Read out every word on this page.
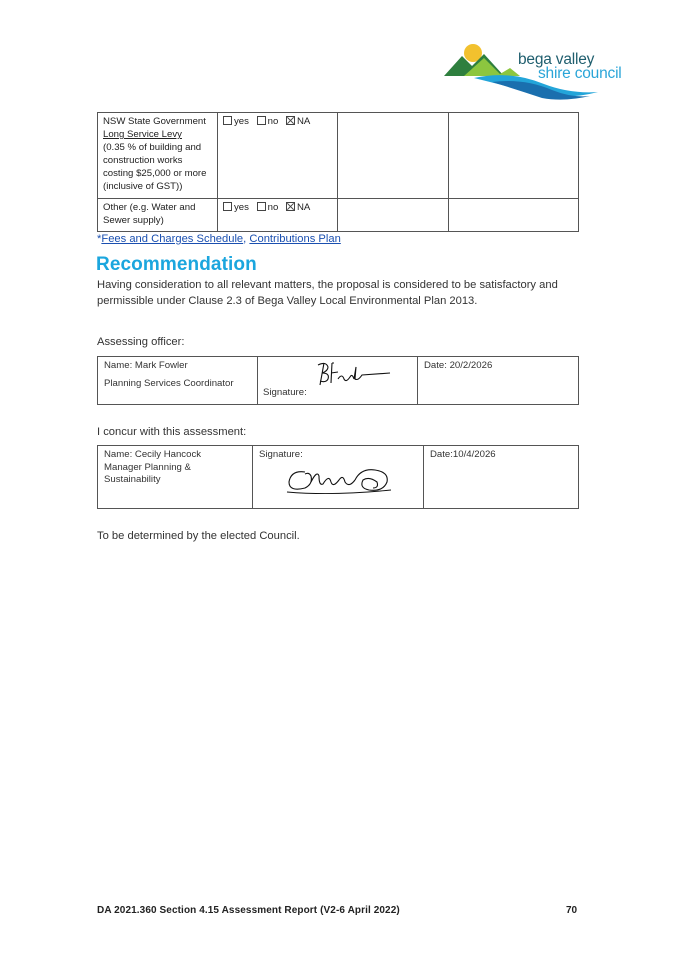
bega valley
shire council
NSW State Government
Long Service Levy
(0.35 % of building and construction works costing $25,000 or more (inclusive of GST))	yes no NA		
Other (e.g. Water and Sewer supply)	yes no NA		
*Fees and Charges Schedule, Contributions Plan
Recommendation
Having consideration to all relevant matters, the proposal is considered to be satisfactory and permissible under Clause 2.3 of Bega Valley Local Environmental Plan 2013.
Assessing officer:
Name: Mark Fowler
Planning Services Coordinator

Signature:
	Date: 20/2/2026
I concur with this assessment:
Name: Cecily Hancock
Manager Planning & Sustainability
	Signature:	Date:10/4/2026
To be determined by the elected Council.
DA 2021.360 Section 4.15 Assessment Report (V2-6 April 2022)	70
